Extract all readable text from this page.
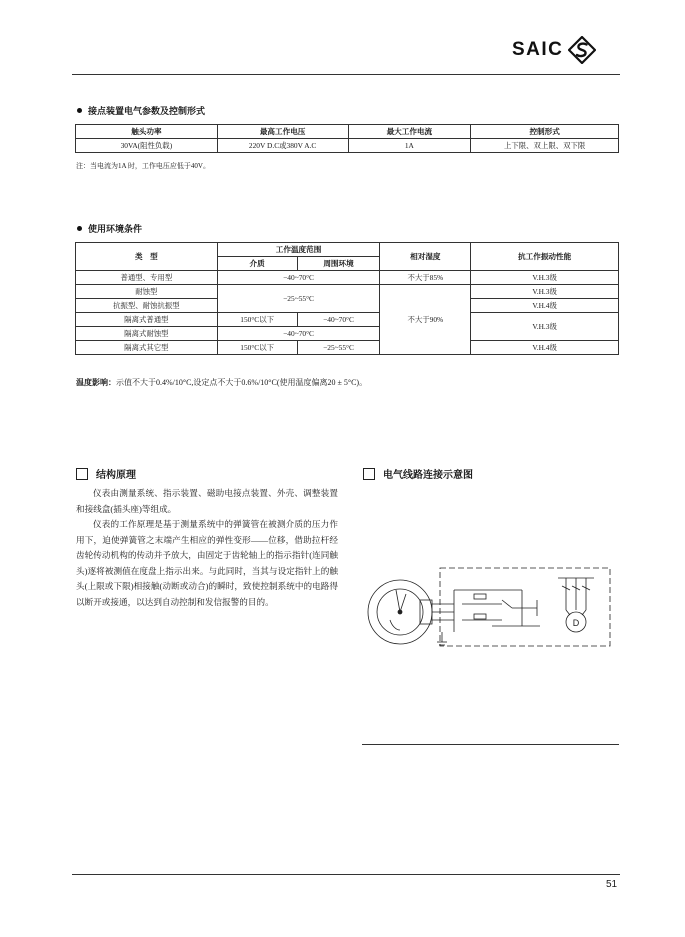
SAIC
接点装置电气参数及控制形式
触头功率	最高工作电压	最大工作电流	控制形式
30VA(阻性负载)	220V D.C或380V A.C	1A	上下限、双上限、双下限
注：当电流为1A 时，工作电压应低于40V。
使用环境条件
类　型	工作温度范围		相对湿度	抗工作振动性能
	介质	周围环境		
普通型、专用型	−40~70°C		不大于85%	V.H.3级
耐蚀型	−25~55°C		不大于90%	V.H.3级
抗振型、耐蚀抗振型				V.H.4级
隔离式普通型	150°C以下	−40~70°C		V.H.3级
隔离式耐蚀型	−40~70°C			
隔离式其它型	150°C以下	−25~55°C		V.H.4级
温度影响：示值不大于0.4%/10°C,设定点不大于0.6%/10°C(使用温度偏离20 ± 5°C)。
结构原理

仪表由测量系统、指示装置、磁助电接点装置、外壳、调整装置和接线盒(插头座)等组成。

仪表的工作原理是基于测量系统中的弹簧管在被测介质的压力作用下，迫使弹簧管之末端产生相应的弹性变形——位移，借助拉杆经齿轮传动机构的传动并予放大，由固定于齿轮轴上的指示指针(连同触头)逐将被测值在度盘上指示出来。与此同时，当其与设定指针上的触头(上限或下限)相接触(动断或动合)的瞬时，致使控制系统中的电路得以断开或接通，以达到自动控制和发信报警的目的。

电气线路连接示意图
D
51
